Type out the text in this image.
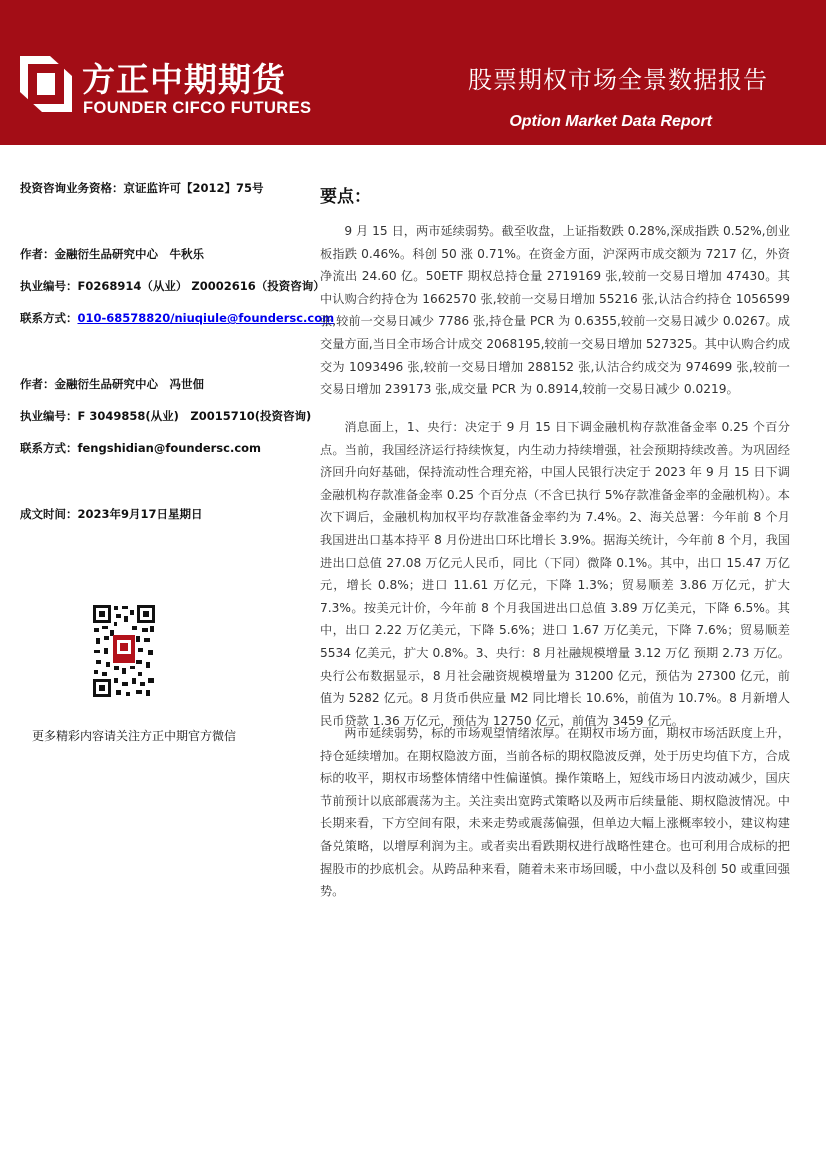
方正中期期货
FOUNDER CIFCO FUTURES
股票期权市场全景数据报告
Option Market Data Report
投资咨询业务资格：京证监许可【2012】75号
作者：金融衍生品研究中心　牛秋乐
执业编号：F0268914（从业） Z0002616（投资咨询）
联系方式：010-68578820/niuqiule@foundersc.com
作者：金融衍生品研究中心　冯世佃
执业编号：F 3049858(从业)　Z0015710(投资咨询)
联系方式：fengshidian@foundersc.com
成文时间：2023年9月17日星期日
更多精彩内容请关注方正中期官方微信
要点：

9 月 15 日，两市延续弱势。截至收盘，上证指数跌 0.28%,深成指跌 0.52%,创业板指跌 0.46%。科创 50 涨 0.71%。在资金方面，沪深两市成交额为 7217 亿，外资净流出 24.60 亿。50ETF 期权总持仓量 2719169 张,较前一交易日增加 47430。其中认购合约持仓为 1662570 张,较前一交易日增加 55216 张,认沽合约持仓 1056599 张,较前一交易日减少 7786 张,持仓量 PCR 为 0.6355,较前一交易日减少 0.0267。成交量方面,当日全市场合计成交 2068195,较前一交易日增加 527325。其中认购合约成交为 1093496 张,较前一交易日增加 288152 张,认沽合约成交为 974699 张,较前一交易日增加 239173 张,成交量 PCR 为 0.8914,较前一交易日减少 0.0219。

消息面上，1、央行：决定于 9 月 15 日下调金融机构存款准备金率 0.25 个百分点。当前，我国经济运行持续恢复，内生动力持续增强，社会预期持续改善。为巩固经济回升向好基础，保持流动性合理充裕，中国人民银行决定于 2023 年 9 月 15 日下调金融机构存款准备金率 0.25 个百分点（不含已执行 5%存款准备金率的金融机构）。本次下调后，金融机构加权平均存款准备金率约为 7.4%。2、海关总署：今年前 8 个月我国进出口基本持平 8 月份进出口环比增长 3.9%。据海关统计，今年前 8 个月，我国进出口总值 27.08 万亿元人民币，同比（下同）微降 0.1%。其中，出口 15.47 万亿元，增长 0.8%；进口 11.61 万亿元，下降 1.3%；贸易顺差 3.86 万亿元，扩大 7.3%。按美元计价，今年前 8 个月我国进出口总值 3.89 万亿美元，下降 6.5%。其中，出口 2.22 万亿美元，下降 5.6%；进口 1.67 万亿美元，下降 7.6%；贸易顺差 5534 亿美元，扩大 0.8%。3、央行：8 月社融规模增量 3.12 万亿 预期 2.73 万亿。央行公布数据显示，8 月社会融资规模增量为 31200 亿元，预估为 27300 亿元，前值为 5282 亿元。8 月货币供应量 M2 同比增长 10.6%，前值为 10.7%。8 月新增人民币贷款 1.36 万亿元，预估为 12750 亿元，前值为 3459 亿元。

两市延续弱势，标的市场观望情绪浓厚。在期权市场方面，期权市场活跃度上升，持仓延续增加。在期权隐波方面，当前各标的期权隐波反弹，处于历史均值下方，合成标的收平，期权市场整体情绪中性偏谨慎。操作策略上，短线市场日内波动减少，国庆节前预计以底部震荡为主。关注卖出宽跨式策略以及两市后续量能、期权隐波情况。中长期来看，下方空间有限，未来走势或震荡偏强，但单边大幅上涨概率较小，建议构建备兑策略，以增厚利润为主。或者卖出看跌期权进行战略性建仓。也可利用合成标的把握股市的抄底机会。从跨品种来看，随着未来市场回暖，中小盘以及科创 50 或重回强势。
